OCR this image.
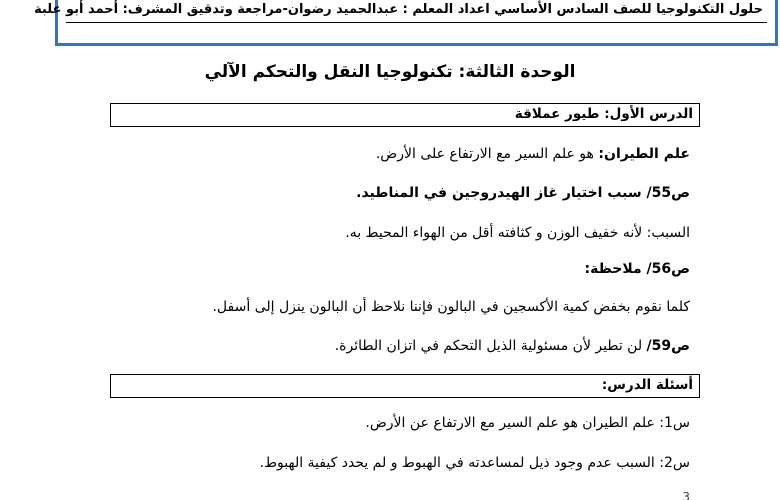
حلول التكنولوجيا للصف السادس الأساسي اعداد المعلم : عبدالحميد رضوان-مراجعة وتدقيق المشرف: أحمد أبو علبة
الوحدة الثالثة: تكنولوجيا النقل والتحكم الآلي
الدرس الأول: طيور عملاقة
علم الطيران: هو علم السير مع الارتفاع على الأرض.
ص55/ سبب اختيار غاز الهيدروجين في المناطيد.
السبب: لأنه خفيف الوزن و كثافته أقل من الهواء المحيط به.
ص56/ ملاحظة:
كلما نقوم بخفض كمية الأكسجين في البالون فإننا نلاحظ أن البالون ينزل إلى أسفل.
ص59/ لن تطير لأن مسئولية الذيل التحكم في اتزان الطائرة.
أسئلة الدرس:
س1: علم الطيران هو علم السير مع الارتفاع عن الأرض.
س2: السبب عدم وجود ذيل لمساعدته في الهبوط و لم يحدد كيفية الهبوط.
3
